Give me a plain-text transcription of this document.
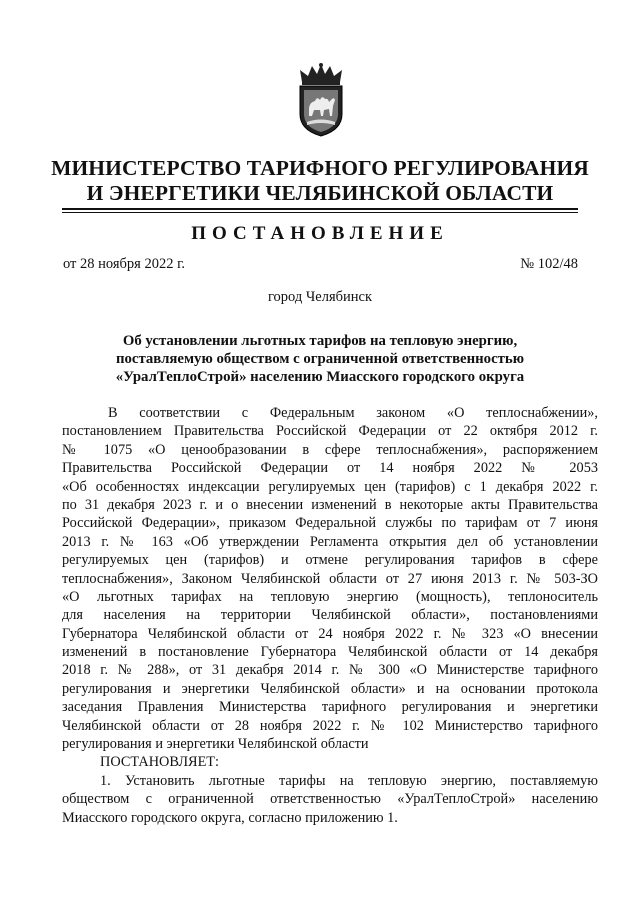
МИНИСТЕРСТВО ТАРИФНОГО РЕГУЛИРОВАНИЯ
И ЭНЕРГЕТИКИ ЧЕЛЯБИНСКОЙ ОБЛАСТИ
ПОСТАНОВЛЕНИЕ
от 28 ноября 2022 г.	№ 102/48
город Челябинск
Об установлении льготных тарифов на тепловую энергию,
поставляемую обществом с ограниченной ответственностью
«УралТеплоСтрой» населению Миасского городского округа
В соответствии с Федеральным законом «О теплоснабжении»,
постановлением Правительства Российской Федерации от 22 октября 2012 г.
№ 1075 «О ценообразовании в сфере теплоснабжения», распоряжением
Правительства Российской Федерации от 14 ноября 2022 № 2053
«Об особенностях индексации регулируемых цен (тарифов) с 1 декабря 2022 г.
по 31 декабря 2023 г. и о внесении изменений в некоторые акты Правительства
Российской Федерации», приказом Федеральной службы по тарифам от 7 июня
2013 г. № 163 «Об утверждении Регламента открытия дел об установлении
регулируемых цен (тарифов) и отмене регулирования тарифов в сфере
теплоснабжения», Законом Челябинской области от 27 июня 2013 г. № 503-ЗО
«О льготных тарифах на тепловую энергию (мощность), теплоноситель
для населения на территории Челябинской области», постановлениями
Губернатора Челябинской области от 24 ноября 2022 г. № 323 «О внесении
изменений в постановление Губернатора Челябинской области от 14 декабря
2018 г. № 288», от 31 декабря 2014 г. № 300 «О Министерстве тарифного
регулирования и энергетики Челябинской области» и на основании протокола
заседания Правления Министерства тарифного регулирования и энергетики
Челябинской области от 28 ноября 2022 г. № 102 Министерство тарифного
регулирования и энергетики Челябинской области
ПОСТАНОВЛЯЕТ:
1. Установить льготные тарифы на тепловую энергию, поставляемую
обществом с ограниченной ответственностью «УралТеплоСтрой» населению
Миасского городского округа, согласно приложению 1.
